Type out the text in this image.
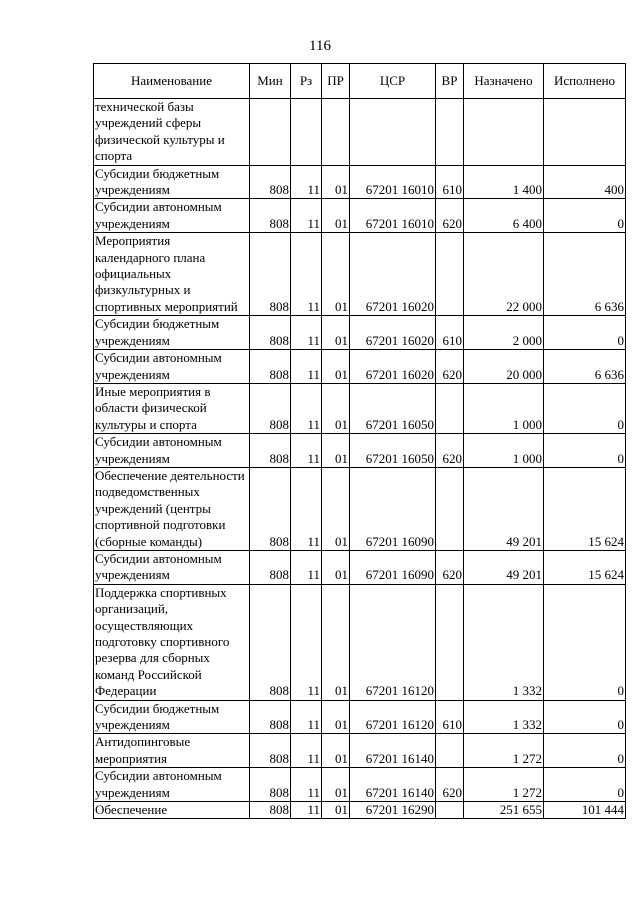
116
Наименование	Мин	Рз	ПР	ЦСР	ВР	Назначено	Исполнено
технической базы учреждений сферы физической культуры и спорта							
Субсидии бюджетным учреждениям	808	11	01	67201 16010	610	1 400	400
Субсидии автономным учреждениям	808	11	01	67201 16010	620	6 400	0
Мероприятия календарного плана официальных физкультурных и спортивных мероприятий	808	11	01	67201 16020		22 000	6 636
Субсидии бюджетным учреждениям	808	11	01	67201 16020	610	2 000	0
Субсидии автономным учреждениям	808	11	01	67201 16020	620	20 000	6 636
Иные мероприятия в области физической культуры и спорта	808	11	01	67201 16050		1 000	0
Субсидии автономным учреждениям	808	11	01	67201 16050	620	1 000	0
Обеспечение деятельности подведомственных учреждений (центры спортивной подготовки (сборные команды)	808	11	01	67201 16090		49 201	15 624
Субсидии автономным учреждениям	808	11	01	67201 16090	620	49 201	15 624
Поддержка спортивных организаций, осуществляющих подготовку спортивного резерва для сборных команд Российской Федерации	808	11	01	67201 16120		1 332	0
Субсидии бюджетным учреждениям	808	11	01	67201 16120	610	1 332	0
Антидопинговые мероприятия	808	11	01	67201 16140		1 272	0
Субсидии автономным учреждениям	808	11	01	67201 16140	620	1 272	0
Обеспечение	808	11	01	67201 16290		251 655	101 444
